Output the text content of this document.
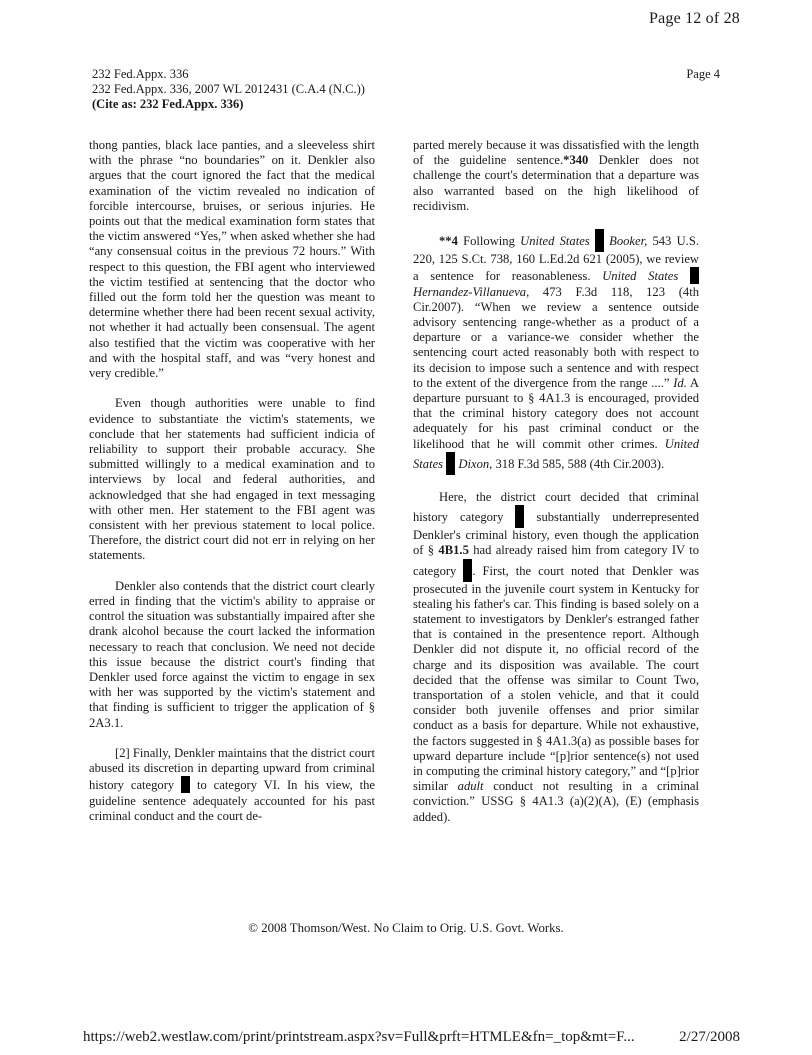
Page 12 of 28
232 Fed.Appx. 336
232 Fed.Appx. 336, 2007 WL 2012431 (C.A.4 (N.C.))
(Cite as: 232 Fed.Appx. 336)
Page 4

thong panties, black lace panties, and a sleeveless shirt with the phrase “no boundaries” on it. Denkler also argues that the court ignored the fact that the medical examination of the victim revealed no indication of forcible intercourse, bruises, or serious injuries. He points out that the medical examination form states that the victim answered “Yes,” when asked whether she had “any consensual coitus in the previous 72 hours.” With respect to this question, the FBI agent who interviewed the victim testified at sentencing that the doctor who filled out the form told her the question was meant to determine whether there had been recent sexual activity, not whether it had actually been consensual. The agent also testified that the victim was cooperative with her and with the hospital staff, and was “very honest and very credible.”

Even though authorities were unable to find evidence to substantiate the victim's statements, we conclude that her statements had sufficient indicia of reliability to support their probable accuracy. She submitted willingly to a medical examination and to interviews by local and federal authorities, and acknowledged that she had engaged in text messaging with other men. Her statement to the FBI agent was consistent with her previous statement to local police. Therefore, the district court did not err in relying on her statements.

Denkler also contends that the district court clearly erred in finding that the victim's ability to appraise or control the situation was substantially impaired after she drank alcohol because the court lacked the information necessary to reach that conclusion. We need not decide this issue because the district court's finding that Denkler used force against the victim to engage in sex with her was supported by the victim's statement and that finding is sufficient to trigger the application of § 2A3.1.

[2] Finally, Denkler maintains that the district court abused its discretion in departing upward from criminal history category to category VI. In his view, the guideline sentence adequately accounted for his past criminal conduct and the court de-

parted merely because it was dissatisfied with the length of the guideline sentence.*340 Denkler does not challenge the court's determination that a departure was also warranted based on the high likelihood of recidivism.

**4 Following United States Booker, 543 U.S. 220, 125 S.Ct. 738, 160 L.Ed.2d 621 (2005), we review a sentence for reasonableness. United States  Hernandez-Villanueva, 473 F.3d 118, 123 (4th Cir.2007). “When we review a sentence outside advisory sentencing range-whether as a product of a departure or a variance-we consider whether the sentencing court acted reasonably both with respect to its decision to impose such a sentence and with respect to the extent of the divergence from the range ....” Id. A departure pursuant to § 4A1.3 is encouraged, provided that the criminal history category does not account adequately for his past criminal conduct or the likelihood that he will commit other crimes. United States Dixon, 318 F.3d 585, 588 (4th Cir.2003).

Here, the district court decided that criminal history category  substantially underrepresented Denkler's criminal history, even though the application of § 4B1.5 had already raised him from category IV to category . First, the court noted that Denkler was prosecuted in the juvenile court system in Kentucky for stealing his father's car. This finding is based solely on a statement to investigators by Denkler's estranged father that is contained in the presentence report. Although Denkler did not dispute it, no official record of the charge and its disposition was available. The court decided that the offense was similar to Count Two, transportation of a stolen vehicle, and that it could consider both juvenile offenses and prior similar conduct as a basis for departure. While not exhaustive, the factors suggested in § 4A1.3(a) as possible bases for upward departure include “[p]rior sentence(s) not used in computing the criminal history category,” and “[p]rior similar adult conduct not resulting in a criminal conviction.” USSG § 4A1.3 (a)(2)(A), (E) (emphasis added).

© 2008 Thomson/West. No Claim to Orig. U.S. Govt. Works.
https://web2.westlaw.com/print/printstream.aspx?sv=Full&prft=HTMLE&fn=_top&mt=F...	2/27/2008
